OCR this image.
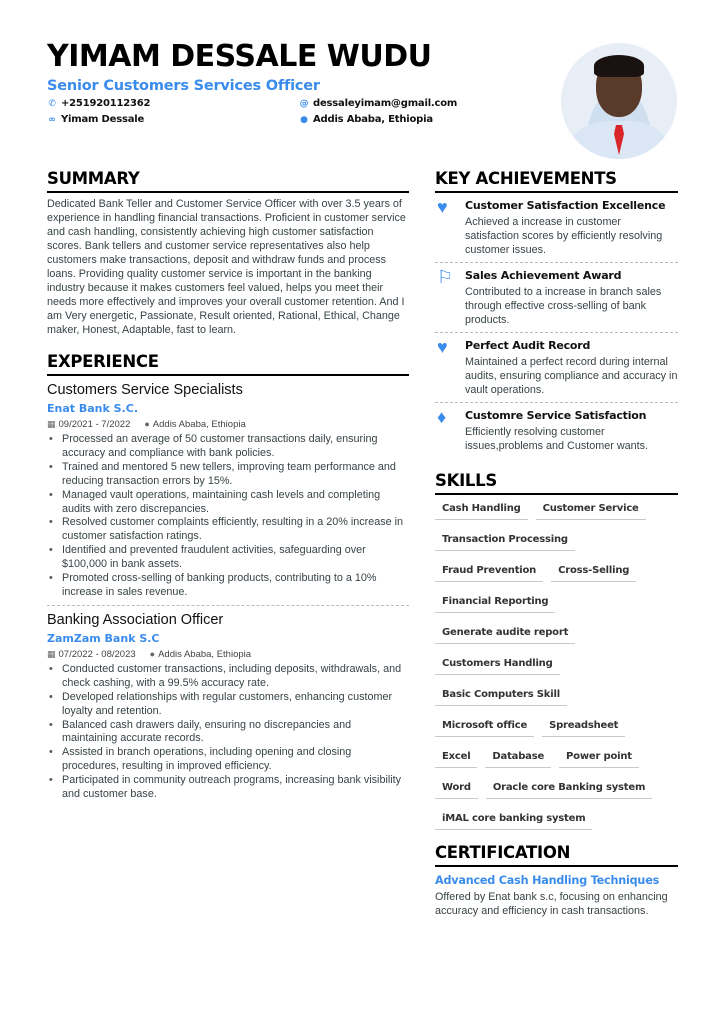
YIMAM DESSALE WUDU
Senior Customers Services Officer
✆ +251920112362	@ dessaleyimam@gmail.com
∞ Yimam Dessale	● Addis Ababa, Ethiopia
SUMMARY

Dedicated Bank Teller and Customer Service Officer with over 3.5 years of experience in handling financial transactions. Proficient in customer service and cash handling, consistently achieving high customer satisfaction scores. Bank tellers and customer service representatives also help customers make transactions, deposit and withdraw funds and process loans. Providing quality customer service is important in the banking industry because it makes customers feel valued, helps you meet their needs more effectively and improves your overall customer retention. And I am Very energetic, Passionate, Result oriented, Rational, Ethical, Change maker, Honest, Adaptable, fast to learn.

EXPERIENCE
Customers Service Specialists
Enat Bank S.C.
▦ 09/2021 - 7/2022 ● Addis Ababa, Ethiopia
• Processed an average of 50 customer transactions daily, ensuring accuracy and compliance with bank policies.
• Trained and mentored 5 new tellers, improving team performance and reducing transaction errors by 15%.
• Managed vault operations, maintaining cash levels and completing audits with zero discrepancies.
• Resolved customer complaints efficiently, resulting in a 20% increase in customer satisfaction ratings.
• Identified and prevented fraudulent activities, safeguarding over $100,000 in bank assets.
• Promoted cross-selling of banking products, contributing to a 10% increase in sales revenue.
Banking Association Officer
ZamZam Bank S.C
▦ 07/2022 - 08/2023 ● Addis Ababa, Ethiopia
• Conducted customer transactions, including deposits, withdrawals, and check cashing, with a 99.5% accuracy rate.
• Developed relationships with regular customers, enhancing customer loyalty and retention.
• Balanced cash drawers daily, ensuring no discrepancies and maintaining accurate records.
• Assisted in branch operations, including opening and closing procedures, resulting in improved efficiency.
• Participated in community outreach programs, increasing bank visibility and customer base.
KEY ACHIEVEMENTS
♥	Customer Satisfaction Excellence
Achieved a increase in customer satisfaction scores by efficiently resolving customer issues.
⚐	Sales Achievement Award
Contributed to a increase in branch sales through effective cross-selling of bank products.
♥	Perfect Audit Record
Maintained a perfect record during internal audits, ensuring compliance and accuracy in vault operations.
♦	Customre Service Satisfaction
Efficiently resolving customer issues,problems and Customer wants.
SKILLS
Cash Handling	Customer Service
Transaction Processing
Fraud Prevention	Cross-Selling
Financial Reporting
Generate audite report
Customers Handling
Basic Computers Skill
Microsoft office	Spreadsheet
Excel	Database	Power point
Word	Oracle core Banking system
iMAL core banking system
CERTIFICATION
Advanced Cash Handling Techniques
Offered by Enat bank s.c, focusing on enhancing accuracy and efficiency in cash transactions.
